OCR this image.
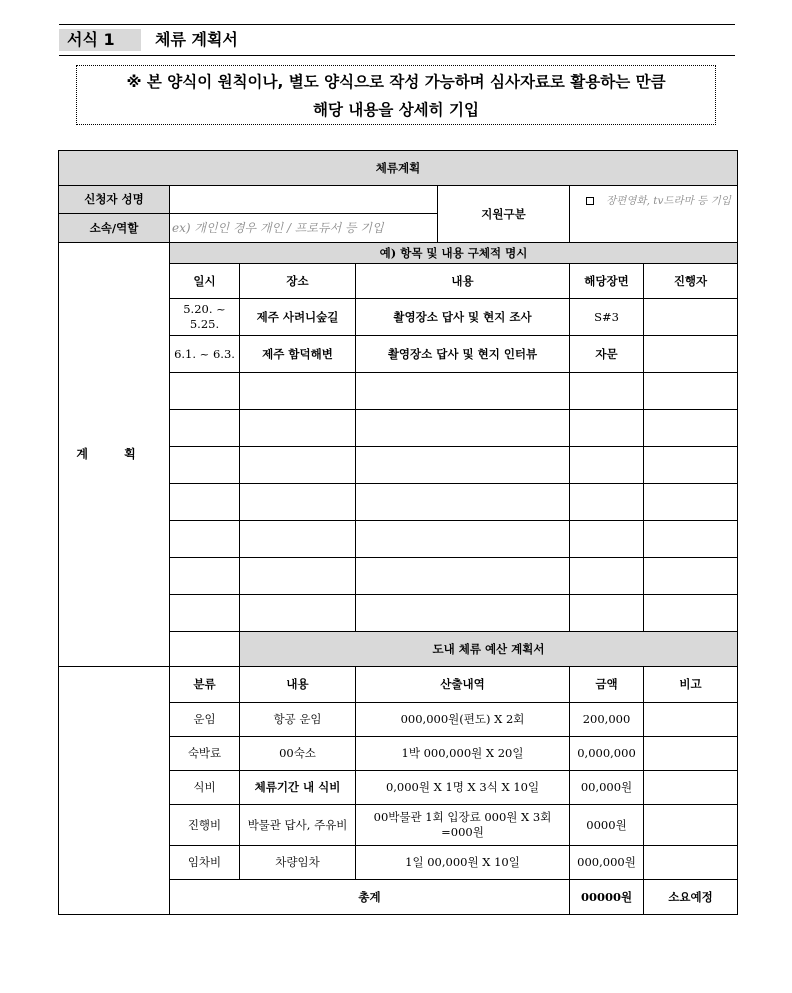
서식 1	체류 계획서
※ 본 양식이 원칙이나, 별도 양식으로 작성 가능하며 심사자료로 활용하는 만큼
해당 내용을 상세히 기입
체류계획						
신청자 성명				지원구분	장편영화, tv드라마 등 기입	
소속/역할	ex) 개인인 경우 개인 / 프로듀서 등 기입					
계 획	예) 항목 및 내용 구체적 명시					
	일시	장소	내용		해당장면	진행자
	5.20. ~ 5.25.	제주 사려니숲길	촬영장소 답사 및 현지 조사		S#3	
	6.1. ~ 6.3.	제주 함덕해변	촬영장소 답사 및 현지 인터뷰		자문	

		도내 체류 예산 계획서				
	분류	내용	산출내역		금액	비고
	운임	항공 운임	000,000원(편도) X 2회		200,000	
	숙박료	00숙소	1박 000,000원 X 20일		0,000,000	
	식비	체류기간 내 식비	0,000원 X 1명 X 3식 X 10일		00,000원	
	진행비	박물관 답사, 주유비	00박물관 1회 입장료 000원 X 3회=000원		0000원	
	임차비	차량임차	1일 00,000원 X 10일		000,000원	
	총계				00000원	소요예정
